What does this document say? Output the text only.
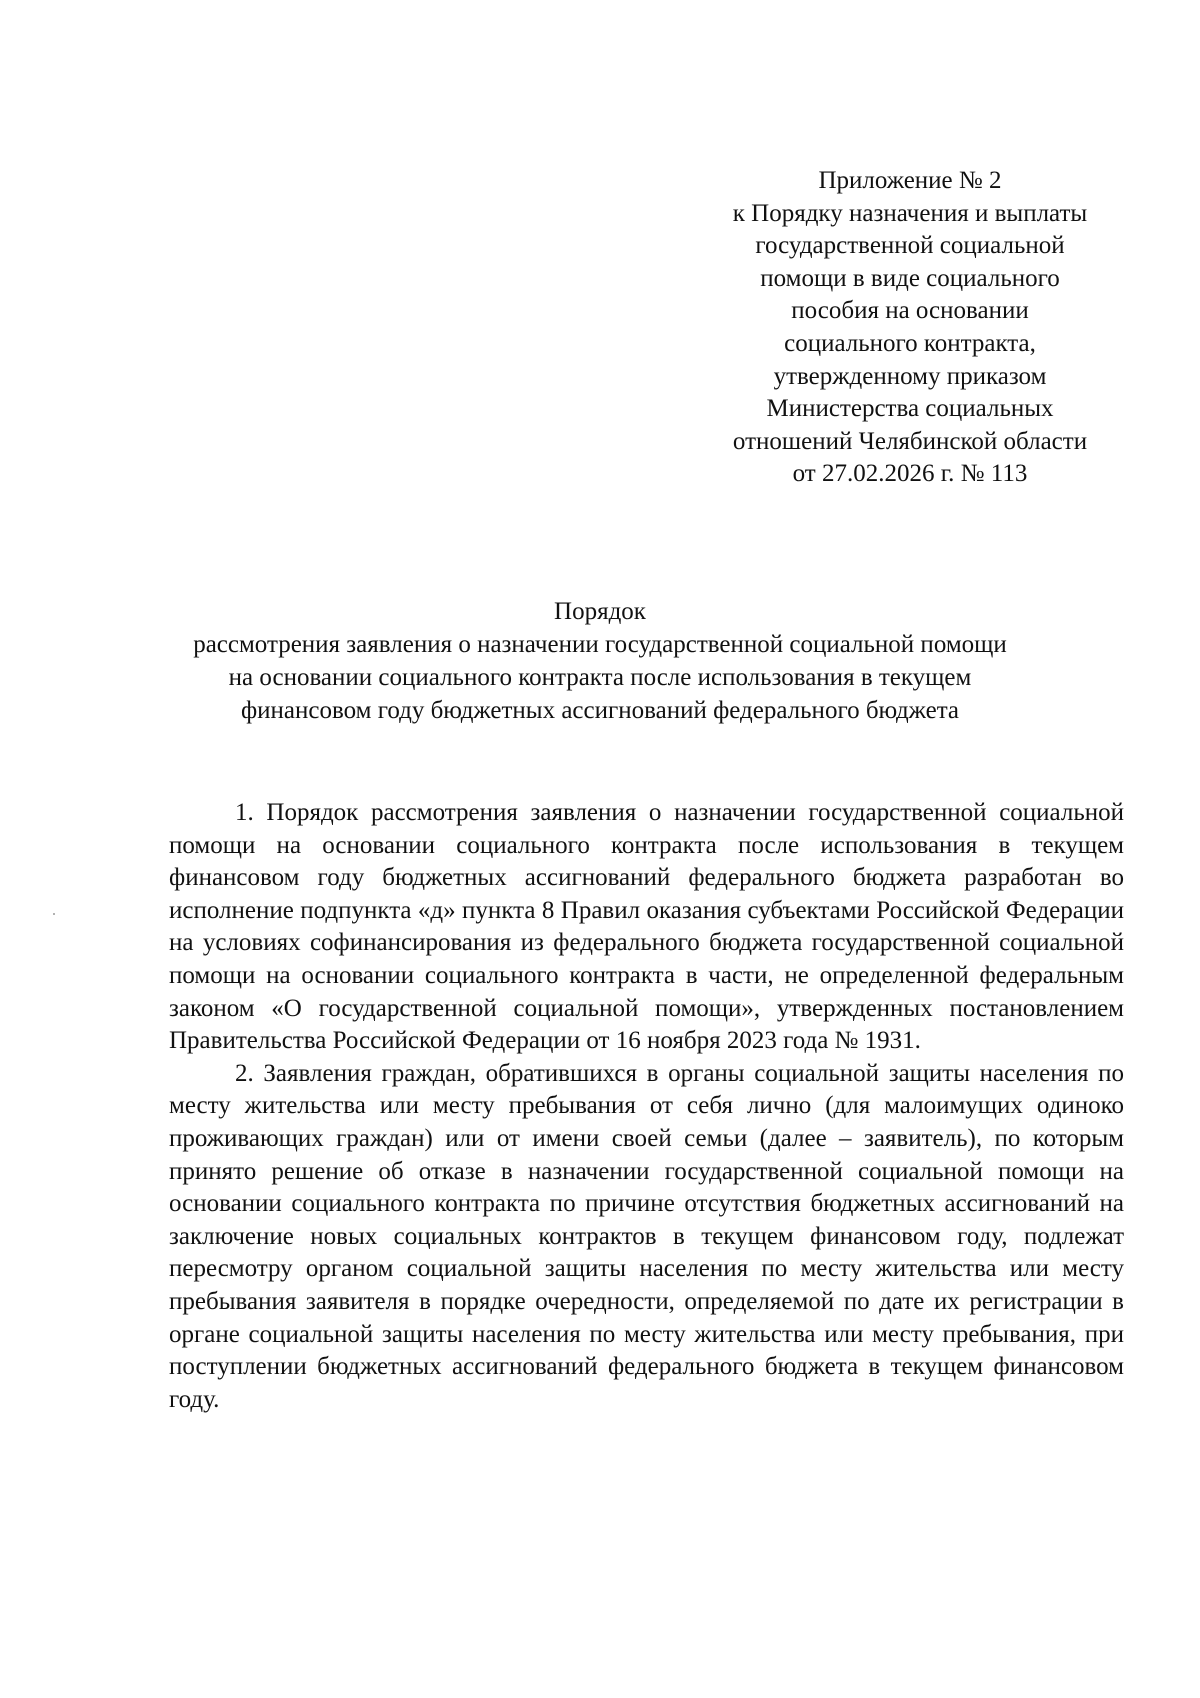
Приложение № 2
к Порядку назначения и выплаты
государственной социальной
помощи в виде социального
пособия на основании
социального контракта,
утвержденному приказом
Министерства социальных
отношений Челябинской области
от 27.02.2026 г. № 113
Порядок
рассмотрения заявления о назначении государственной социальной помощи
на основании социального контракта после использования в текущем
финансовом году бюджетных ассигнований федерального бюджета

1. Порядок рассмотрения заявления о назначении государственной социальной помощи на основании социального контракта после использования в текущем финансовом году бюджетных ассигнований федерального бюджета разработан во исполнение подпункта «д» пункта 8 Правил оказания субъектами Российской Федерации на условиях софинансирования из федерального бюджета государственной социальной помощи на основании социального контракта в части, не определенной федеральным законом «О государственной социальной помощи», утвержденных постановлением Правительства Российской Федерации от 16 ноября 2023 года № 1931.

2. Заявления граждан, обратившихся в органы социальной защиты населения по месту жительства или месту пребывания от себя лично (для малоимущих одиноко проживающих граждан) или от имени своей семьи (далее – заявитель), по которым принято решение об отказе в назначении государственной социальной помощи на основании социального контракта по причине отсутствия бюджетных ассигнований на заключение новых социальных контрактов в текущем финансовом году, подлежат пересмотру органом социальной защиты населения по месту жительства или месту пребывания заявителя в порядке очередности, определяемой по дате их регистрации в органе социальной защиты населения по месту жительства или месту пребывания, при поступлении бюджетных ассигнований федерального бюджета в текущем финансовом году.
